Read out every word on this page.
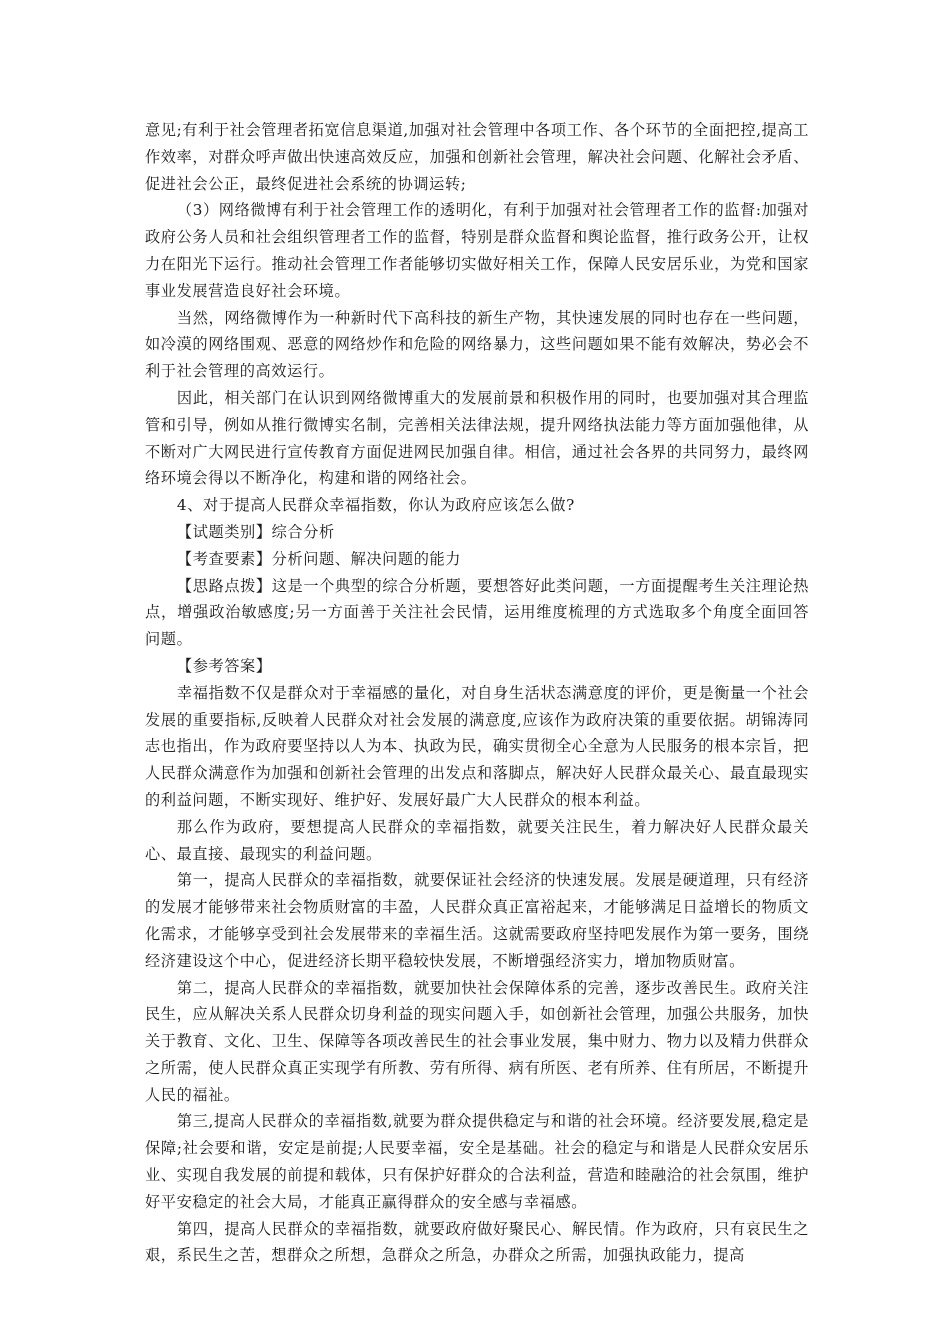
意见;有利于社会管理者拓宽信息渠道,加强对社会管理中各项工作、各个环节的全面把控,提高工作效率，对群众呼声做出快速高效反应，加强和创新社会管理，解决社会问题、化解社会矛盾、促进社会公正，最终促进社会系统的协调运转;

（3）网络微博有利于社会管理工作的透明化，有利于加强对社会管理者工作的监督:加强对政府公务人员和社会组织管理者工作的监督，特别是群众监督和舆论监督，推行政务公开，让权力在阳光下运行。推动社会管理工作者能够切实做好相关工作，保障人民安居乐业，为党和国家事业发展营造良好社会环境。

当然，网络微博作为一种新时代下高科技的新生产物，其快速发展的同时也存在一些问题，如冷漠的网络围观、恶意的网络炒作和危险的网络暴力，这些问题如果不能有效解决，势必会不利于社会管理的高效运行。

因此，相关部门在认识到网络微博重大的发展前景和积极作用的同时，也要加强对其合理监管和引导，例如从推行微博实名制，完善相关法律法规，提升网络执法能力等方面加强他律，从不断对广大网民进行宣传教育方面促进网民加强自律。相信，通过社会各界的共同努力，最终网络环境会得以不断净化，构建和谐的网络社会。

4、对于提高人民群众幸福指数，你认为政府应该怎么做?

【试题类别】综合分析

【考查要素】分析问题、解决问题的能力

【思路点拨】这是一个典型的综合分析题，要想答好此类问题，一方面提醒考生关注理论热点，增强政治敏感度;另一方面善于关注社会民情，运用维度梳理的方式选取多个角度全面回答问题。

【参考答案】

幸福指数不仅是群众对于幸福感的量化，对自身生活状态满意度的评价，更是衡量一个社会发展的重要指标,反映着人民群众对社会发展的满意度,应该作为政府决策的重要依据。胡锦涛同志也指出，作为政府要坚持以人为本、执政为民，确实贯彻全心全意为人民服务的根本宗旨，把人民群众满意作为加强和创新社会管理的出发点和落脚点，解决好人民群众最关心、最直最现实的利益问题，不断实现好、维护好、发展好最广大人民群众的根本利益。

那么作为政府，要想提高人民群众的幸福指数，就要关注民生，着力解决好人民群众最关心、最直接、最现实的利益问题。

第一，提高人民群众的幸福指数，就要保证社会经济的快速发展。发展是硬道理，只有经济的发展才能够带来社会物质财富的丰盈，人民群众真正富裕起来，才能够满足日益增长的物质文化需求，才能够享受到社会发展带来的幸福生活。这就需要政府坚持吧发展作为第一要务，围绕经济建设这个中心，促进经济长期平稳较快发展，不断增强经济实力，增加物质财富。

第二，提高人民群众的幸福指数，就要加快社会保障体系的完善，逐步改善民生。政府关注民生，应从解决关系人民群众切身利益的现实问题入手，如创新社会管理，加强公共服务，加快关于教育、文化、卫生、保障等各项改善民生的社会事业发展，集中财力、物力以及精力供群众之所需，使人民群众真正实现学有所教、劳有所得、病有所医、老有所养、住有所居，不断提升人民的福祉。

第三,提高人民群众的幸福指数,就要为群众提供稳定与和谐的社会环境。经济要发展,稳定是保障;社会要和谐，安定是前提;人民要幸福，安全是基础。社会的稳定与和谐是人民群众安居乐业、实现自我发展的前提和载体，只有保护好群众的合法利益，营造和睦融洽的社会氛围，维护好平安稳定的社会大局，才能真正赢得群众的安全感与幸福感。

第四，提高人民群众的幸福指数，就要政府做好聚民心、解民情。作为政府，只有哀民生之艰，系民生之苦，想群众之所想，急群众之所急，办群众之所需，加强执政能力，提高
